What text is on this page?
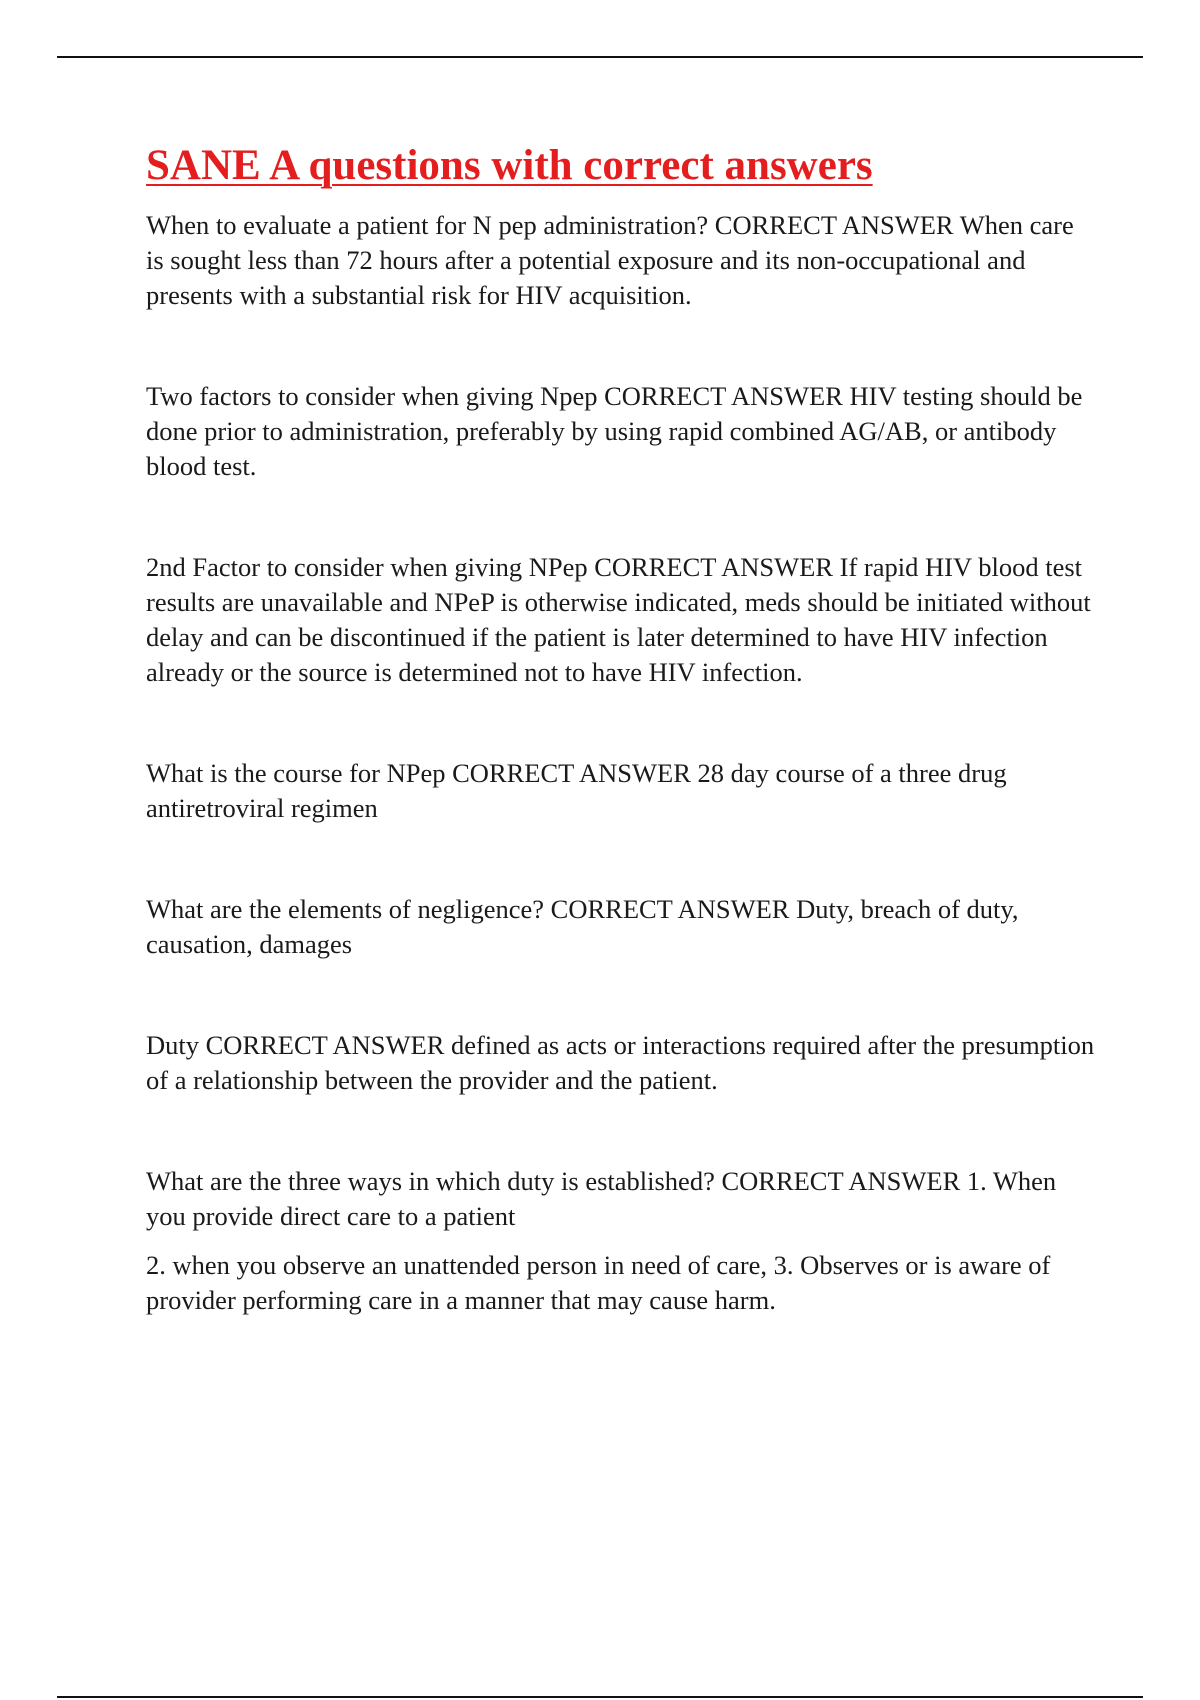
SANE A questions with correct answers

When to evaluate a patient for N pep administration? CORRECT ANSWER When care is sought less than 72 hours after a potential exposure and its non-occupational and presents with a substantial risk for HIV acquisition.

Two factors to consider when giving Npep CORRECT ANSWER HIV testing should be done prior to administration, preferably by using rapid combined AG/AB, or antibody blood test.

2nd Factor to consider when giving NPep CORRECT ANSWER If rapid HIV blood test results are unavailable and NPeP is otherwise indicated, meds should be initiated without delay and can be discontinued if the patient is later determined to have HIV infection already or the source is determined not to have HIV infection.

What is the course for NPep CORRECT ANSWER 28 day course of a three drug antiretroviral regimen

What are the elements of negligence? CORRECT ANSWER Duty, breach of duty, causation, damages

Duty CORRECT ANSWER defined as acts or interactions required after the presumption of a relationship between the provider and the patient.

What are the three ways in which duty is established? CORRECT ANSWER 1. When you provide direct care to a patient

2. when you observe an unattended person in need of care, 3. Observes or is aware of provider performing care in a manner that may cause harm.
